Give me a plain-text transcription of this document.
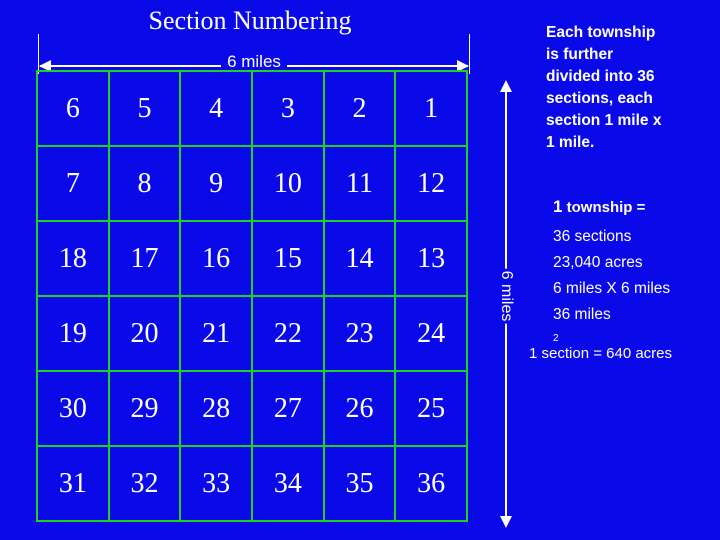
Section Numbering
6 miles
6	5	4	3	2	1
7	8	9	10	11	12
18	17	16	15	14	13
19	20	21	22	23	24
30	29	28	27	26	25
31	32	33	34	35	36
6 miles
Each township
is further
divided into 36
sections, each
section 1 mile x
1 mile.
1 township =
36 sections
23,040 acres
6 miles X 6 miles
36 miles
$^2$
1 section = 640 acres
